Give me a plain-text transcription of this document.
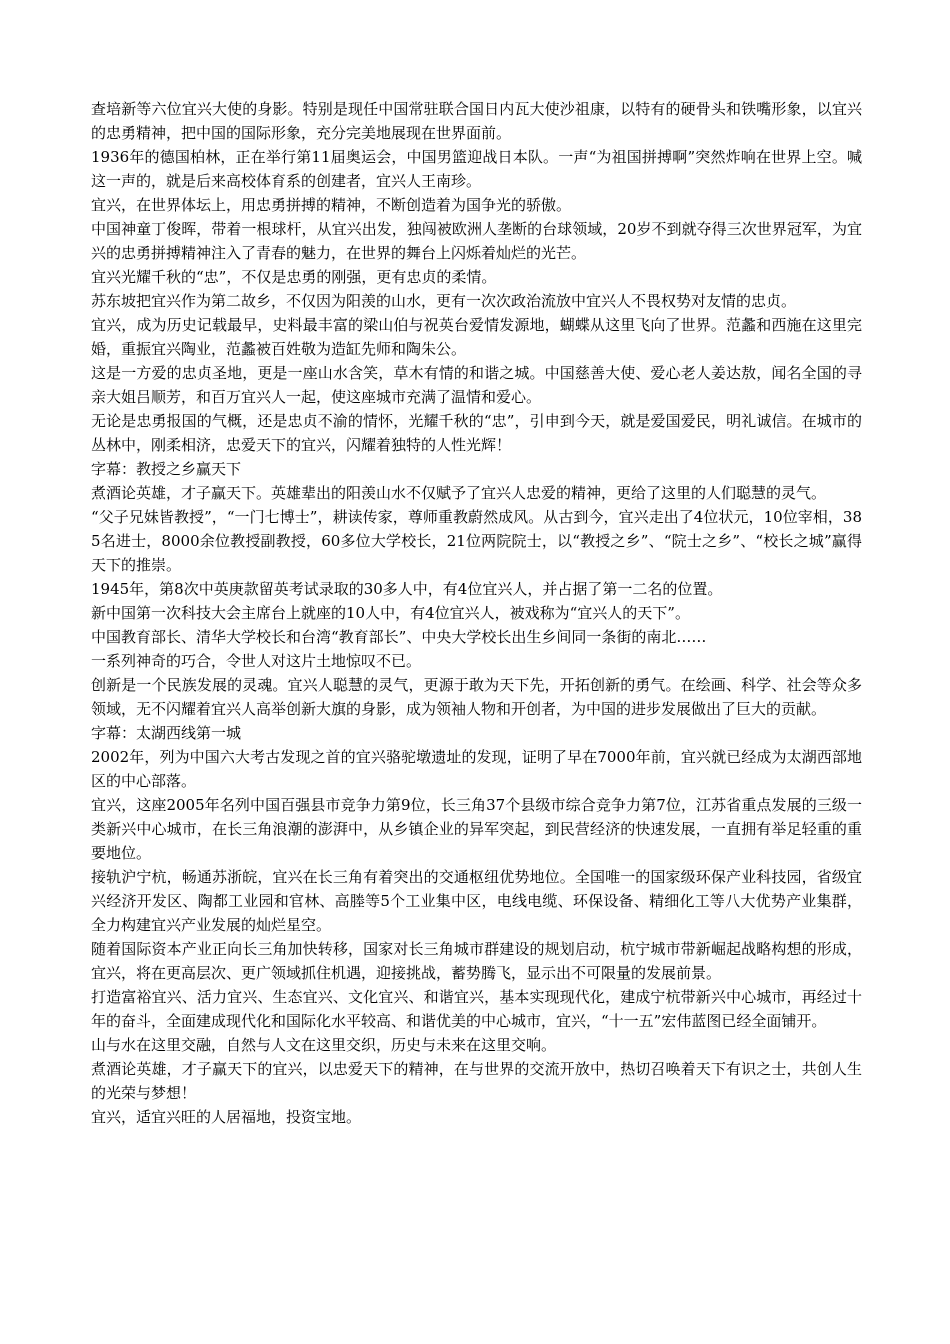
查培新等六位宜兴大使的身影。特别是现任中国常驻联合国日内瓦大使沙祖康，以特有的硬骨头和铁嘴形象，以宜兴的忠勇精神，把中国的国际形象，充分完美地展现在世界面前。

1936年的德国柏林，正在举行第11届奥运会，中国男篮迎战日本队。一声“为祖国拼搏啊”突然炸响在世界上空。喊这一声的，就是后来高校体育系的创建者，宜兴人王南珍。

宜兴，在世界体坛上，用忠勇拼搏的精神，不断创造着为国争光的骄傲。

中国神童丁俊晖，带着一根球杆，从宜兴出发，独闯被欧洲人垄断的台球领域，20岁不到就夺得三次世界冠军，为宜兴的忠勇拼搏精神注入了青春的魅力，在世界的舞台上闪烁着灿烂的光芒。

宜兴光耀千秋的“忠”，不仅是忠勇的刚强，更有忠贞的柔情。

苏东坡把宜兴作为第二故乡，不仅因为阳羡的山水，更有一次次政治流放中宜兴人不畏权势对友情的忠贞。

宜兴，成为历史记载最早，史料最丰富的梁山伯与祝英台爱情发源地，蝴蝶从这里飞向了世界。范蠡和西施在这里完婚，重振宜兴陶业，范蠡被百姓敬为造缸先师和陶朱公。

这是一方爱的忠贞圣地，更是一座山水含笑，草木有情的和谐之城。中国慈善大使、爱心老人姜达敖，闻名全国的寻亲大姐吕顺芳，和百万宜兴人一起，使这座城市充满了温情和爱心。

无论是忠勇报国的气概，还是忠贞不渝的情怀，光耀千秋的“忠”，引申到今天，就是爱国爱民，明礼诚信。在城市的丛林中，刚柔相济，忠爱天下的宜兴，闪耀着独特的人性光辉！

字幕：教授之乡赢天下

煮酒论英雄，才子赢天下。英雄辈出的阳羡山水不仅赋予了宜兴人忠爱的精神，更给了这里的人们聪慧的灵气。

“父子兄妹皆教授”，“一门七博士”，耕读传家，尊师重教蔚然成风。从古到今，宜兴走出了4位状元，10位宰相，385名进士，8000余位教授副教授，60多位大学校长，21位两院院士，以“教授之乡”、“院士之乡”、“校长之城”赢得天下的推崇。

1945年，第8次中英庚款留英考试录取的30多人中，有4位宜兴人，并占据了第一二名的位置。

新中国第一次科技大会主席台上就座的10人中，有4位宜兴人，被戏称为“宜兴人的天下”。

中国教育部长、清华大学校长和台湾“教育部长”、中央大学校长出生乡间同一条街的南北……

一系列神奇的巧合，令世人对这片土地惊叹不已。

创新是一个民族发展的灵魂。宜兴人聪慧的灵气，更源于敢为天下先，开拓创新的勇气。在绘画、科学、社会等众多领域，无不闪耀着宜兴人高举创新大旗的身影，成为领袖人物和开创者，为中国的进步发展做出了巨大的贡献。

字幕：太湖西线第一城

2002年，列为中国六大考古发现之首的宜兴骆驼墩遗址的发现，证明了早在7000年前，宜兴就已经成为太湖西部地区的中心部落。

宜兴，这座2005年名列中国百强县市竞争力第9位，长三角37个县级市综合竞争力第7位，江苏省重点发展的三级一类新兴中心城市，在长三角浪潮的澎湃中，从乡镇企业的异军突起，到民营经济的快速发展，一直拥有举足轻重的重要地位。

接轨沪宁杭，畅通苏浙皖，宜兴在长三角有着突出的交通枢纽优势地位。全国唯一的国家级环保产业科技园，省级宜兴经济开发区、陶都工业园和官林、高塍等5个工业集中区，电线电缆、环保设备、精细化工等八大优势产业集群，全力构建宜兴产业发展的灿烂星空。

随着国际资本产业正向长三角加快转移，国家对长三角城市群建设的规划启动，杭宁城市带新崛起战略构想的形成，宜兴，将在更高层次、更广领域抓住机遇，迎接挑战，蓄势腾飞，显示出不可限量的发展前景。

打造富裕宜兴、活力宜兴、生态宜兴、文化宜兴、和谐宜兴，基本实现现代化，建成宁杭带新兴中心城市，再经过十年的奋斗，全面建成现代化和国际化水平较高、和谐优美的中心城市，宜兴，“十一五”宏伟蓝图已经全面铺开。

山与水在这里交融，自然与人文在这里交织，历史与未来在这里交响。

煮酒论英雄，才子赢天下的宜兴，以忠爱天下的精神，在与世界的交流开放中，热切召唤着天下有识之士，共创人生的光荣与梦想！

宜兴，适宜兴旺的人居福地，投资宝地。
